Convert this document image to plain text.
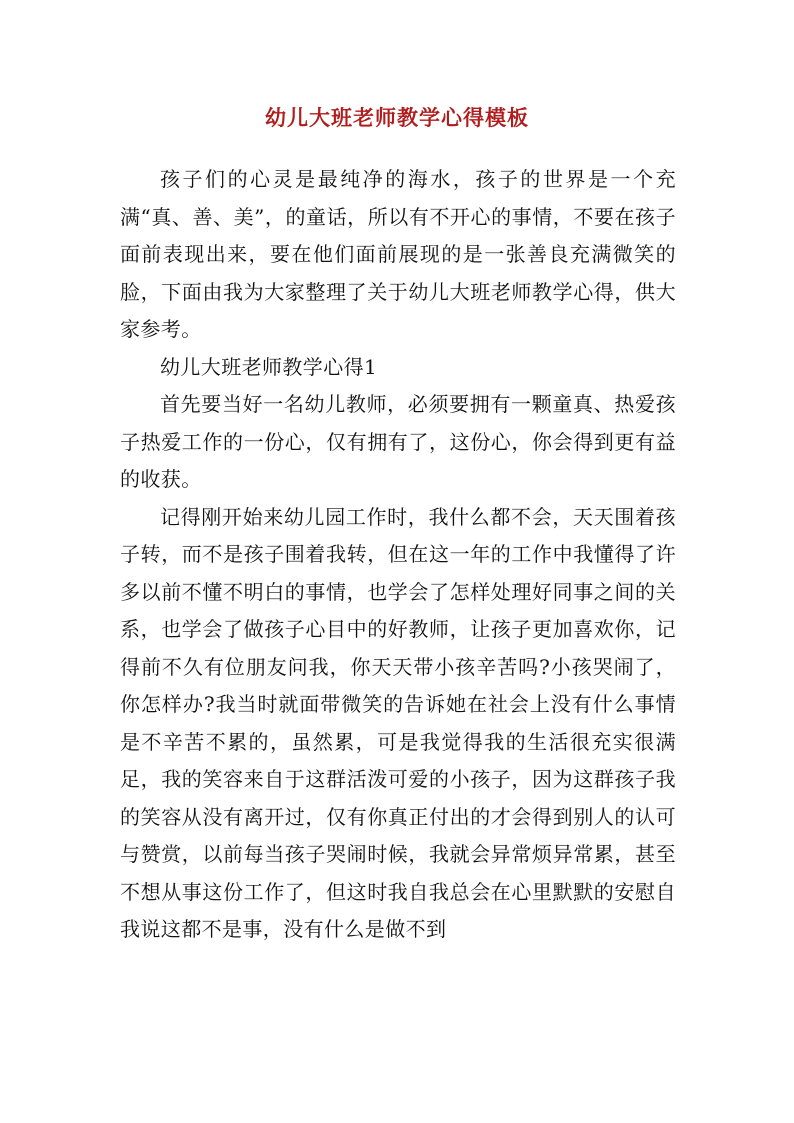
幼儿大班老师教学心得模板

孩子们的心灵是最纯净的海水，孩子的世界是一个充满“真、善、美”，的童话，所以有不开心的事情，不要在孩子面前表现出来，要在他们面前展现的是一张善良充满微笑的脸，下面由我为大家整理了关于幼儿大班老师教学心得，供大家参考。

幼儿大班老师教学心得1

首先要当好一名幼儿教师，必须要拥有一颗童真、热爱孩子热爱工作的一份心，仅有拥有了，这份心，你会得到更有益的收获。

记得刚开始来幼儿园工作时，我什么都不会，天天围着孩子转，而不是孩子围着我转，但在这一年的工作中我懂得了许多以前不懂不明白的事情，也学会了怎样处理好同事之间的关系，也学会了做孩子心目中的好教师，让孩子更加喜欢你，记得前不久有位朋友问我，你天天带小孩辛苦吗?小孩哭闹了，你怎样办?我当时就面带微笑的告诉她在社会上没有什么事情是不辛苦不累的，虽然累，可是我觉得我的生活很充实很满足，我的笑容来自于这群活泼可爱的小孩子，因为这群孩子我的笑容从没有离开过，仅有你真正付出的才会得到别人的认可与赞赏，以前每当孩子哭闹时候，我就会异常烦异常累，甚至不想从事这份工作了，但这时我自我总会在心里默默的安慰自我说这都不是事，没有什么是做不到
